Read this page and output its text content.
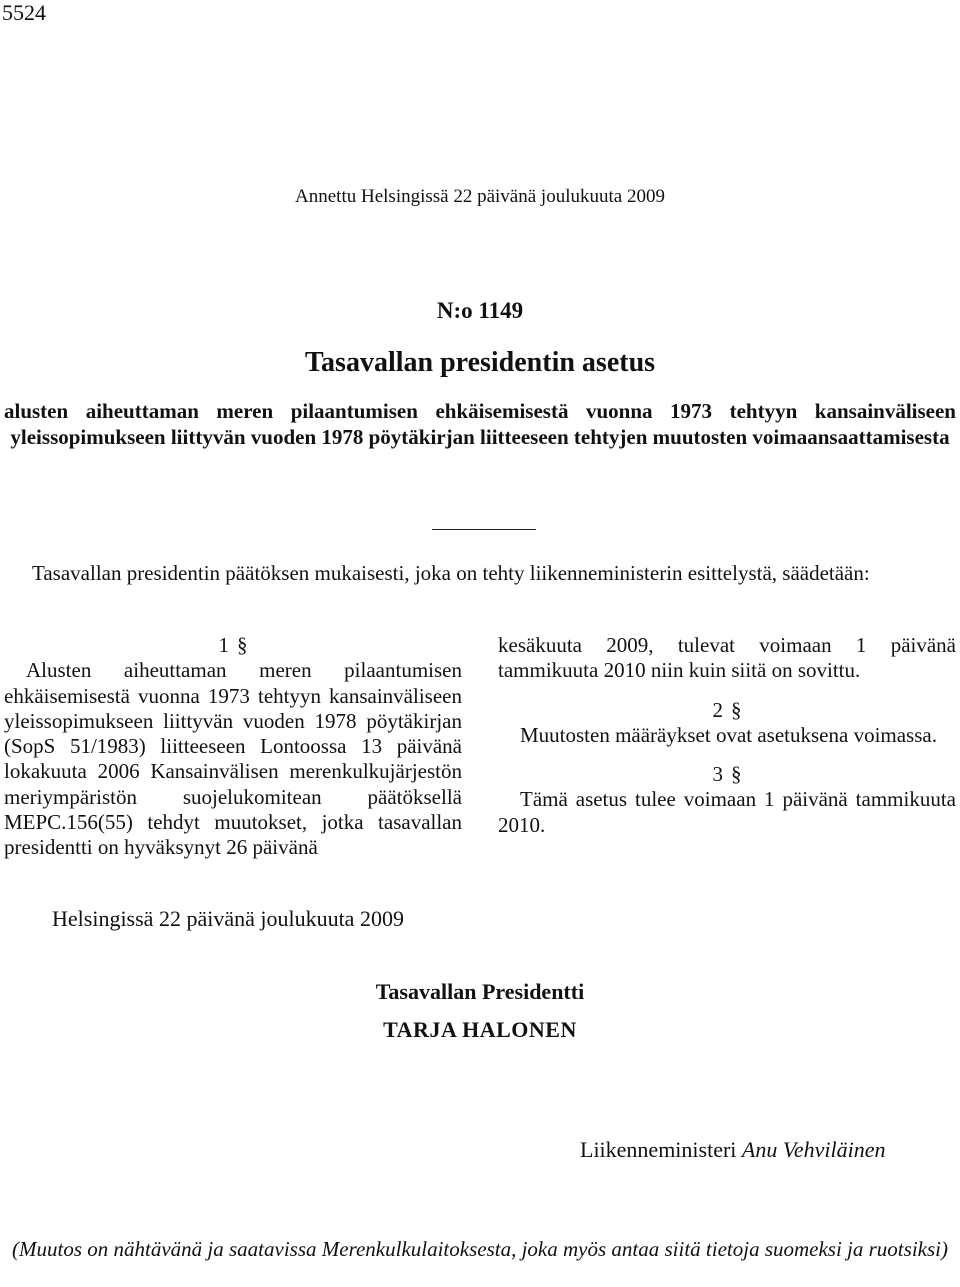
5524
N:o 1149
Tasavallan presidentin asetus
alusten aiheuttaman meren pilaantumisen ehkäisemisestä vuonna 1973 tehtyyn kansainväliseen yleissopimukseen liittyvän vuoden 1978 pöytäkirjan liitteeseen tehtyjen muutosten voimaansaattamisesta
Annettu Helsingissä 22 päivänä joulukuuta 2009
Tasavallan presidentin päätöksen mukaisesti, joka on tehty liikenneministerin esittelystä, säädetään:
1 §
Alusten aiheuttaman meren pilaantumisen ehkäisemisestä vuonna 1973 tehtyyn kansainväliseen yleissopimukseen liittyvän vuoden 1978 pöytäkirjan (SopS 51/1983) liitteeseen Lontoossa 13 päivänä lokakuuta 2006 Kansainvälisen merenkulkujärjestön meriympäristön suojelukomitean päätöksellä MEPC.156(55) tehdyt muutokset, jotka tasavallan presidentti on hyväksynyt 26 päivänä
kesäkuuta 2009, tulevat voimaan 1 päivänä tammikuuta 2010 niin kuin siitä on sovittu.
2 §
Muutosten määräykset ovat asetuksena voimassa.
3 §
Tämä asetus tulee voimaan 1 päivänä tammikuuta 2010.
Helsingissä 22 päivänä joulukuuta 2009
Tasavallan Presidentti
TARJA HALONEN
Liikenneministeri Anu Vehviläinen
(Muutos on nähtävänä ja saatavissa Merenkulkulaitoksesta, joka myös antaa siitä tietoja suomeksi ja ruotsiksi)
